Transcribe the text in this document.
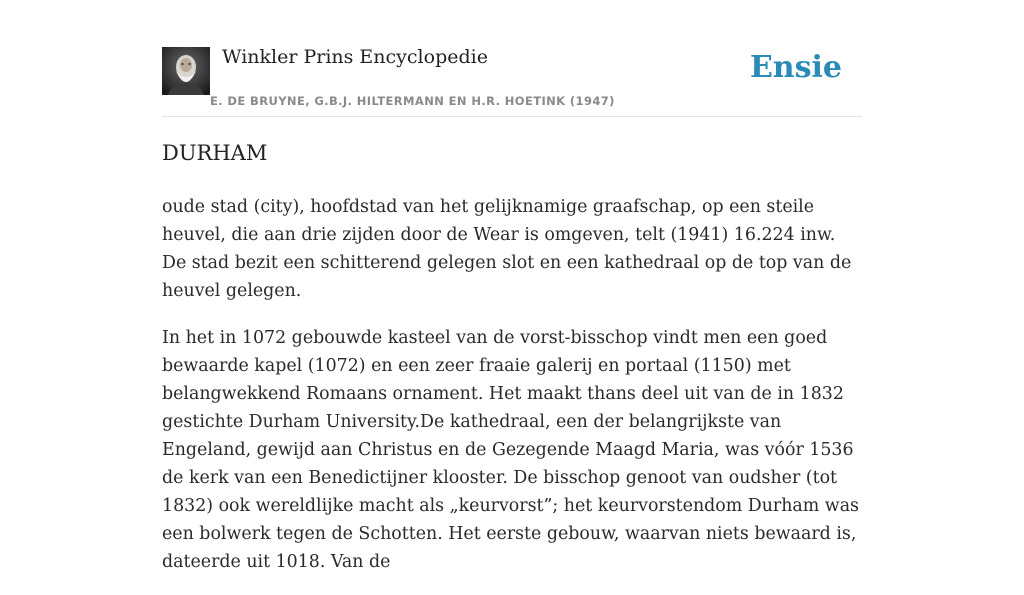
Winkler Prins Encyclopedie
E. DE BRUYNE, G.B.J. HILTERMANN EN H.R. HOETINK (1947)
Ensie
DURHAM

oude stad (city), hoofdstad van het gelijknamige graafschap, op een steile heuvel, die aan drie zijden door de Wear is omgeven, telt (1941) 16.224 inw. De stad bezit een schitterend gelegen slot en een kathedraal op de top van de heuvel gelegen.

In het in 1072 gebouwde kasteel van de vorst-bisschop vindt men een goed bewaarde kapel (1072) en een zeer fraaie galerij en portaal (1150) met belangwekkend Romaans ornament. Het maakt thans deel uit van de in 1832 gestichte Durham University.De kathedraal, een der belangrijkste van Engeland, gewijd aan Christus en de Gezegende Maagd Maria, was vóór 1536 de kerk van een Benedictijner klooster. De bisschop genoot van oudsher (tot 1832) ook wereldlijke macht als „keurvorst”; het keurvorstendom Durham was een bolwerk tegen de Schotten. Het eerste gebouw, waarvan niets bewaard is, dateerde uit 1018. Van de
